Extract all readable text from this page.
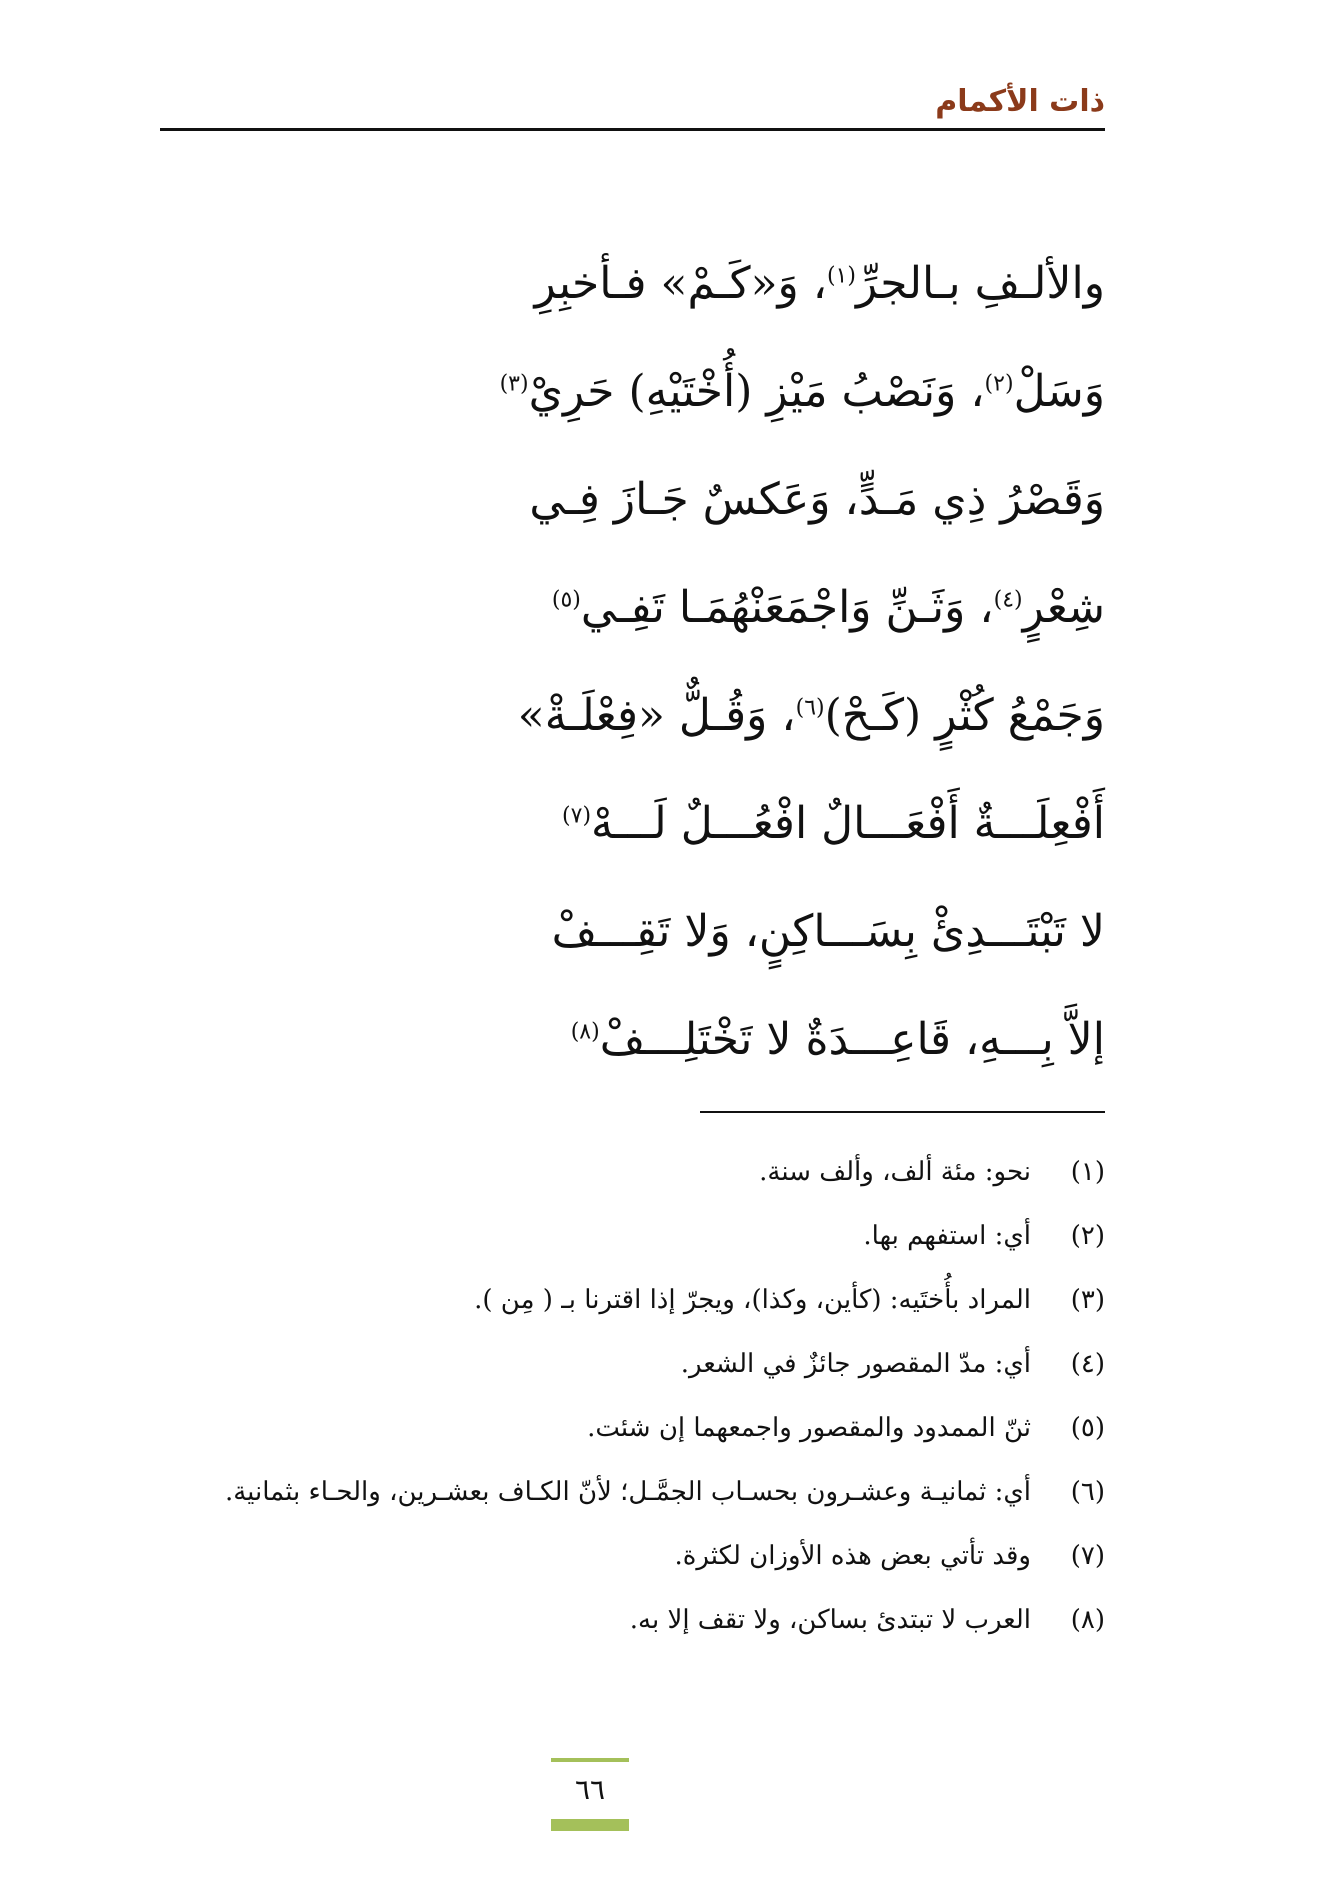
ذات الأكمام
والألـفِ بـالجرِّ$^{(١)}$، وَ«كَـمْ» فـأخبِرِ
وَسَلْ$^{(٢)}$، وَنَصْبُ مَيْزِ (أُخْتَيْهِ) حَرِيْ$^{(٣)}$
وَقَصْرُ ذِي مَـدٍّ، وَعَكسٌ جَـازَ فِـي
شِعْرٍ$^{(٤)}$، وَثَـنِّ وَاجْمَعَنْهُمَـا تَفِـي$^{(٥)}$
وَجَمْعُ كُثْرٍ (كَـحْ)$^{(٦)}$، وَقُـلٌّ «فِعْلَـةْ»
أَفْعِلَـــةٌ أَفْعَـــالٌ افْعُـــلٌ لَـــهْ$^{(٧)}$
لا تَبْتَـــدِئْ بِسَـــاكِنٍ، وَلا تَقِـــفْ
إلاَّ بِـــهِ، قَاعِـــدَةٌ لا تَخْتَلِـــفْ$^{(٨)}$
(١)
نحو: مئة ألف، وألف سنة.
(٢)
أي: استفهم بها.
(٣)
المراد بأُختَيه: (كأين، وكذا)، ويجرّ إذا اقترنا بـ ( مِن ).
(٤)
أي: مدّ المقصور جائزٌ في الشعر.
(٥)
ثنّ الممدود والمقصور واجمعهما إن شئت.
(٦)
أي: ثمانيـة وعشـرون بحسـاب الجمَّـل؛ لأنّ الكـاف بعشـرين، والحـاء بثمانية.
(٧)
وقد تأتي بعض هذه الأوزان لكثرة.
(٨)
العرب لا تبتدئ بساكن، ولا تقف إلا به.
٦٦
